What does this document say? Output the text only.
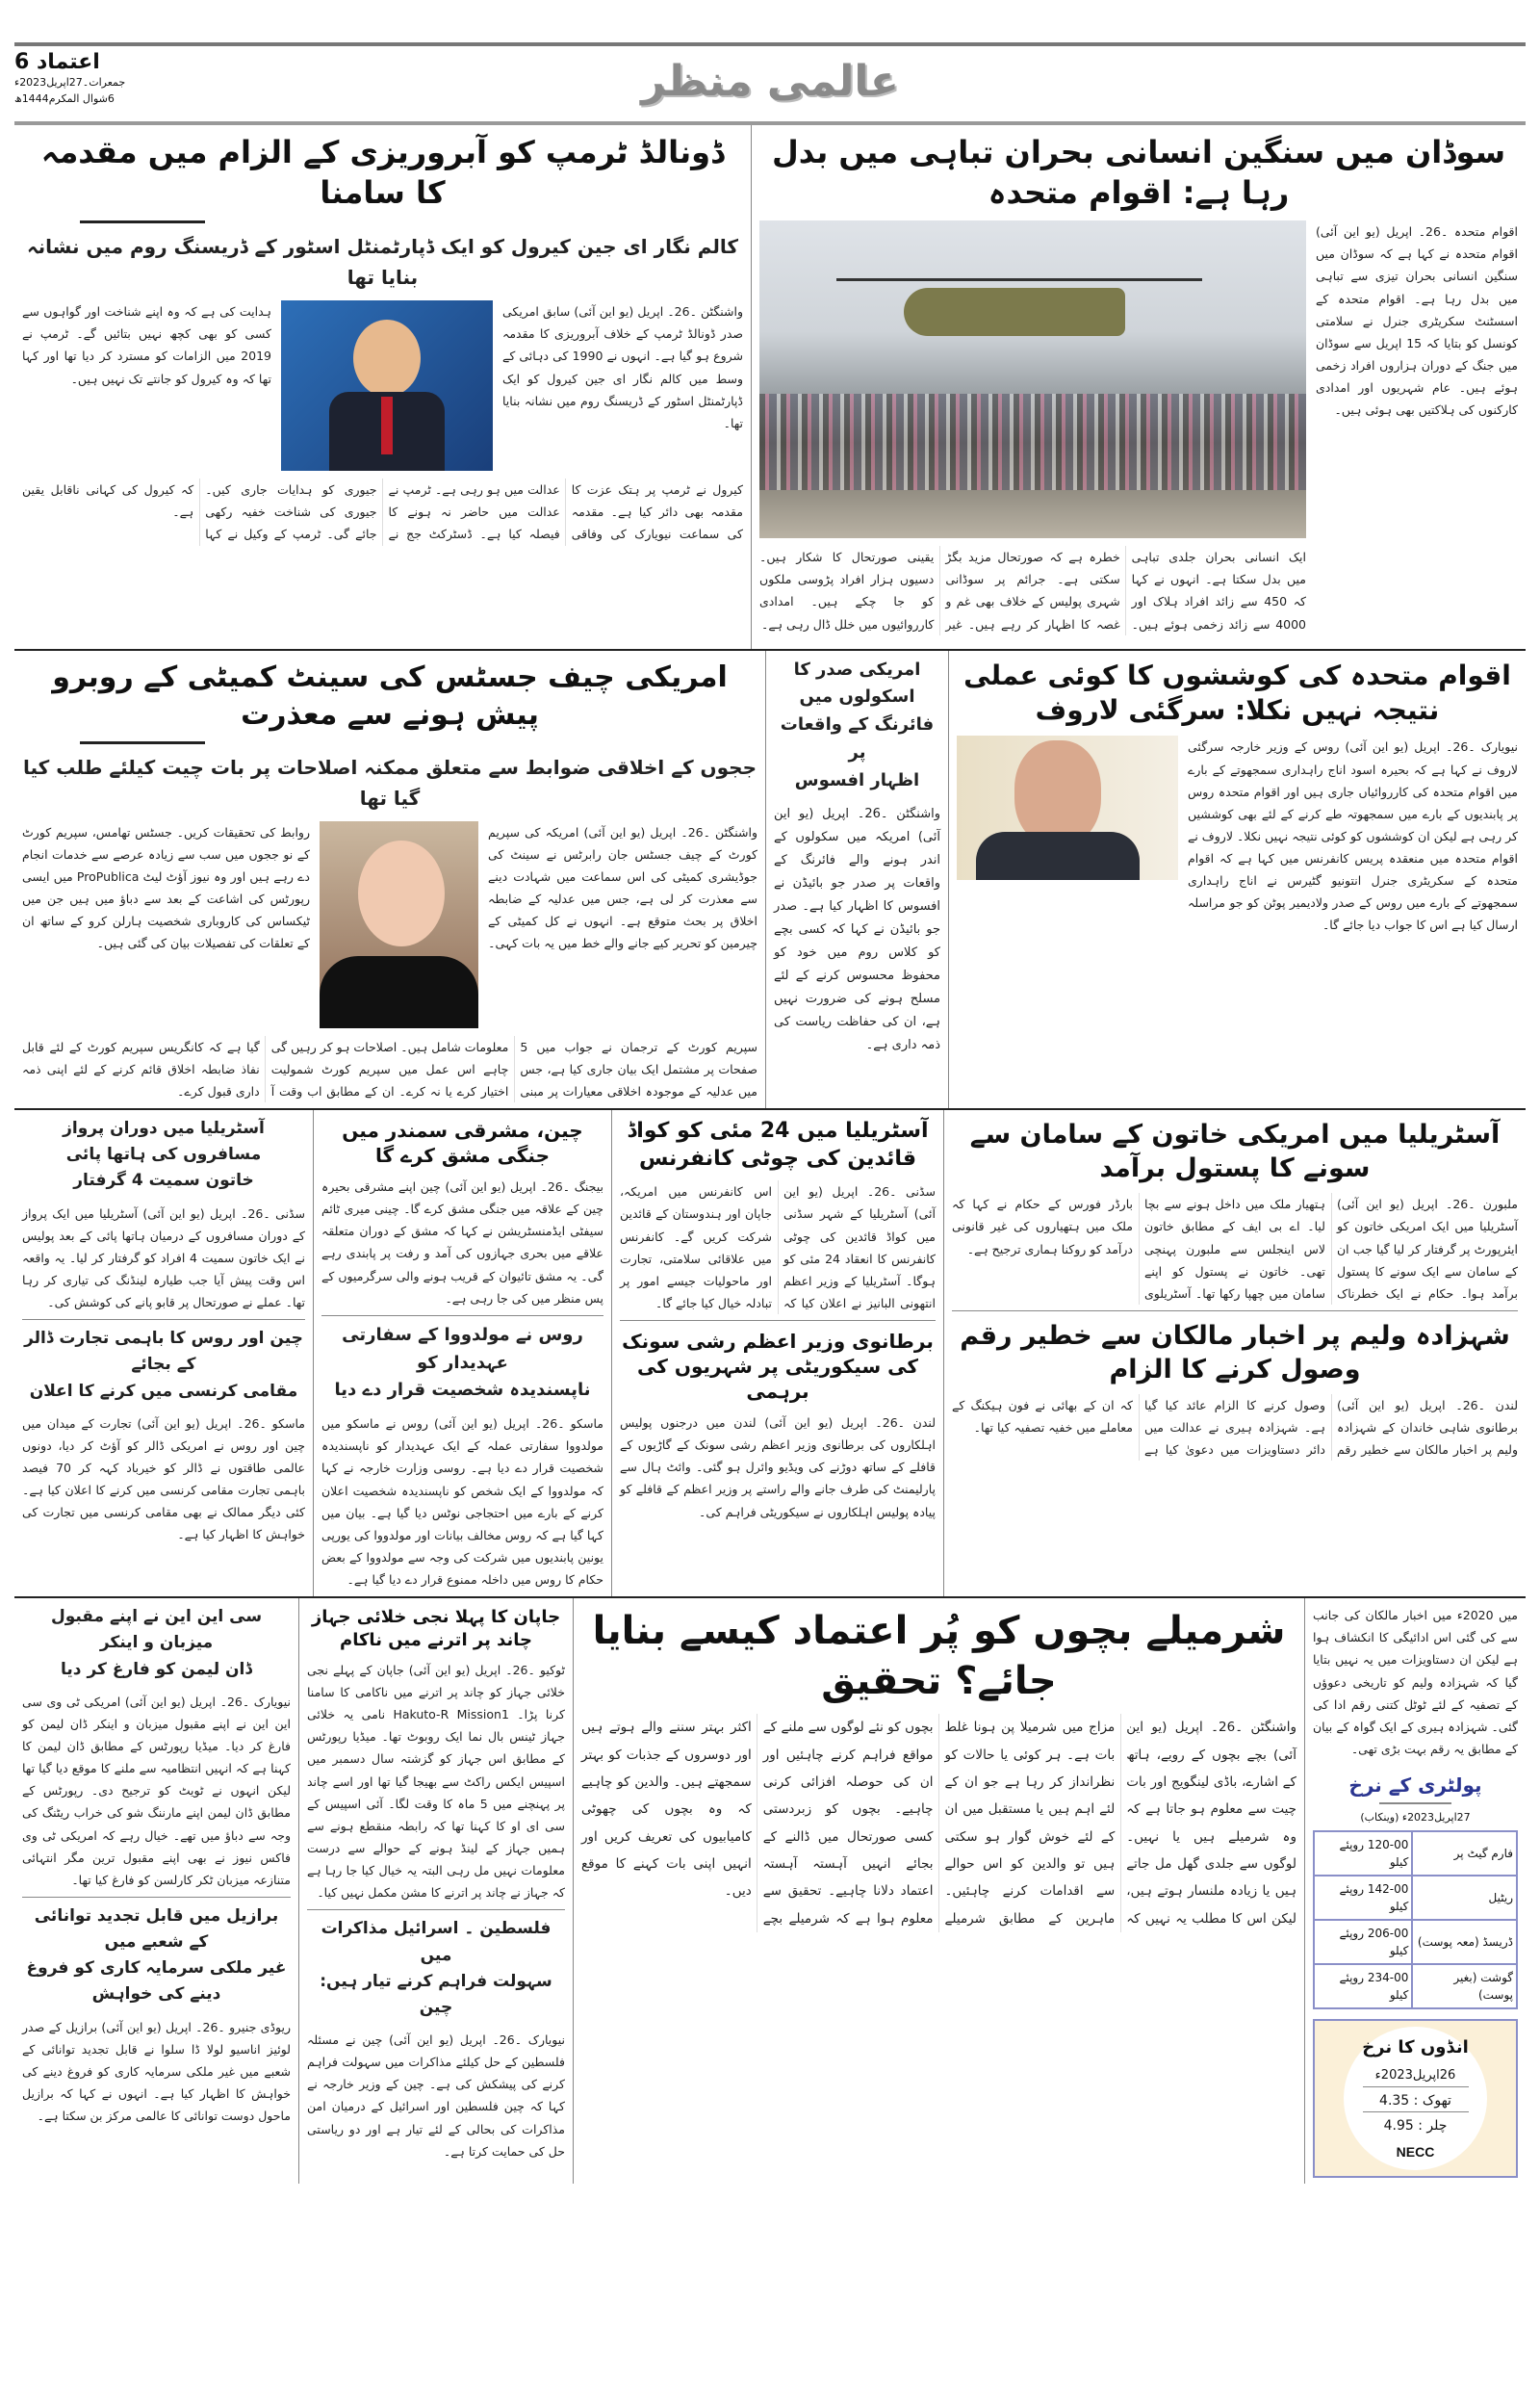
اعتماد 6
جمعرات۔27اپریل2023ء
6شوال المکرم1444ھ	عالمی منظر
سوڈان میں سنگین انسانی بحران تباہی میں بدل رہا ہے: اقوام متحدہ
اقوام متحدہ ۔26۔ اپریل (یو این آئی) اقوام متحدہ نے کہا ہے کہ سوڈان میں سنگین انسانی بحران تیزی سے تباہی میں بدل رہا ہے۔ اقوام متحدہ کے اسسٹنٹ سکریٹری جنرل نے سلامتی کونسل کو بتایا کہ 15 اپریل سے سوڈان میں جنگ کے دوران ہزاروں افراد زخمی ہوئے ہیں۔ عام شہریوں اور امدادی کارکنوں کی ہلاکتیں بھی ہوئی ہیں۔
ایک انسانی بحران جلدی تباہی میں بدل سکتا ہے۔ انہوں نے کہا کہ 450 سے زائد افراد ہلاک اور 4000 سے زائد زخمی ہوئے ہیں۔ خطرہ ہے کہ صورتحال مزید بگڑ سکتی ہے۔ جرائم پر سوڈانی شہری پولیس کے خلاف بھی غم و غصہ کا اظہار کر رہے ہیں۔ غیر یقینی صورتحال کا شکار ہیں۔ دسیوں ہزار افراد پڑوسی ملکوں کو جا چکے ہیں۔ امدادی کارروائیوں میں خلل ڈال رہی ہے۔
ڈونالڈ ٹرمپ کو آبروریزی کے الزام میں مقدمہ کا سامنا
کالم نگار ای جین کیرول کو ایک ڈپارٹمنٹل اسٹور کے ڈریسنگ روم میں نشانہ بنایا تھا
واشنگٹن ۔26۔ اپریل (یو این آئی) سابق امریکی صدر ڈونالڈ ٹرمپ کے خلاف آبروریزی کا مقدمہ شروع ہو گیا ہے۔ انہوں نے 1990 کی دہائی کے وسط میں کالم نگار ای جین کیرول کو ایک ڈپارٹمنٹل اسٹور کے ڈریسنگ روم میں نشانہ بنایا تھا۔
ہدایت کی ہے کہ وہ اپنے شناخت اور گواہوں سے کسی کو بھی کچھ نہیں بتائیں گے۔ ٹرمپ نے 2019 میں الزامات کو مسترد کر دیا تھا اور کہا تھا کہ وہ کیرول کو جانتے تک نہیں ہیں۔
کیرول نے ٹرمپ پر ہتک عزت کا مقدمہ بھی دائر کیا ہے۔ مقدمہ کی سماعت نیویارک کی وفاقی عدالت میں ہو رہی ہے۔ ٹرمپ نے عدالت میں حاضر نہ ہونے کا فیصلہ کیا ہے۔ ڈسٹرکٹ جج نے جیوری کو ہدایات جاری کیں۔ جیوری کی شناخت خفیہ رکھی جائے گی۔ ٹرمپ کے وکیل نے کہا کہ کیرول کی کہانی ناقابل یقین ہے۔
اقوام متحدہ کی کوششوں کا کوئی عملی نتیجہ نہیں نکلا: سرگئی لاروف
نیویارک ۔26۔ اپریل (یو این آئی) روس کے وزیر خارجہ سرگئی لاروف نے کہا ہے کہ بحیرہ اسود اناج راہداری سمجھوتے کے بارے میں اقوام متحدہ کی کارروائیاں جاری ہیں اور اقوام متحدہ روس پر پابندیوں کے بارے میں سمجھوتہ طے کرنے کے لئے بھی کوششیں کر رہی ہے لیکن ان کوششوں کو کوئی نتیجہ نہیں نکلا۔ لاروف نے اقوام متحدہ میں منعقدہ پریس کانفرنس میں کہا ہے کہ اقوام متحدہ کے سکریٹری جنرل انتونیو گٹیرس نے اناج راہداری سمجھوتے کے بارے میں روس کے صدر ولادیمیر پوٹن کو جو مراسلہ ارسال کیا ہے اس کا جواب دیا جائے گا۔
امریکی صدر کا اسکولوں میں
فائرنگ کے واقعات پر
اظہار افسوس
واشنگٹن ۔26۔ اپریل (یو این آئی) امریکہ میں سکولوں کے اندر ہونے والے فائرنگ کے واقعات پر صدر جو بائیڈن نے افسوس کا اظہار کیا ہے۔ صدر جو بائیڈن نے کہا کہ کسی بچے کو کلاس روم میں خود کو محفوظ محسوس کرنے کے لئے مسلح ہونے کی ضرورت نہیں ہے، ان کی حفاظت ریاست کی ذمہ داری ہے۔
امریکی چیف جسٹس کی سینٹ کمیٹی کے روبرو پیش ہونے سے معذرت
ججوں کے اخلاقی ضوابط سے متعلق ممکنہ اصلاحات پر بات چیت کیلئے طلب کیا گیا تھا
واشنگٹن ۔26۔ اپریل (یو این آئی) امریکہ کی سپریم کورٹ کے چیف جسٹس جان رابرٹس نے سینٹ کی جوڈیشری کمیٹی کی اس سماعت میں شہادت دینے سے معذرت کر لی ہے، جس میں عدلیہ کے ضابطہ اخلاق پر بحث متوقع ہے۔ انہوں نے کل کمیٹی کے چیرمین کو تحریر کیے جانے والے خط میں یہ بات کہی۔
روابط کی تحقیقات کریں۔ جسٹس تھامس، سپریم کورٹ کے نو ججوں میں سب سے زیادہ عرصے سے خدمات انجام دے رہے ہیں اور وہ نیوز آؤٹ لیٹ ProPublica میں ایسی رپورٹس کی اشاعت کے بعد سے دباؤ میں ہیں جن میں ٹیکساس کی کاروباری شخصیت ہارلن کرو کے ساتھ ان کے تعلقات کی تفصیلات بیان کی گئی ہیں۔
سپریم کورٹ کے ترجمان نے جواب میں 5 صفحات پر مشتمل ایک بیان جاری کیا ہے، جس میں عدلیہ کے موجودہ اخلاقی معیارات پر مبنی معلومات شامل ہیں۔ اصلاحات ہو کر رہیں گی چاہے اس عمل میں سپریم کورٹ شمولیت اختیار کرے یا نہ کرے۔ ان کے مطابق اب وقت آ گیا ہے کہ کانگریس سپریم کورٹ کے لئے قابل نفاذ ضابطہ اخلاق قائم کرنے کے لئے اپنی ذمہ داری قبول کرے۔
آسٹریلیا میں امریکی خاتون کے سامان سے سونے کا پستول برآمد
ملبورن ۔26۔ اپریل (یو این آئی) آسٹریلیا میں ایک امریکی خاتون کو ایئرپورٹ پر گرفتار کر لیا گیا جب ان کے سامان سے ایک سونے کا پستول برآمد ہوا۔ حکام نے ایک خطرناک ہتھیار ملک میں داخل ہونے سے بچا لیا۔ اے بی ایف کے مطابق خاتون لاس اینجلس سے ملبورن پہنچی تھی۔ خاتون نے پستول کو اپنے سامان میں چھپا رکھا تھا۔ آسٹریلوی بارڈر فورس کے حکام نے کہا کہ ملک میں ہتھیاروں کی غیر قانونی درآمد کو روکنا ہماری ترجیح ہے۔
شہزادہ ولیم پر اخبار مالکان سے خطیر رقم وصول کرنے کا الزام
لندن ۔26۔ اپریل (یو این آئی) برطانوی شاہی خاندان کے شہزادہ ولیم پر اخبار مالکان سے خطیر رقم وصول کرنے کا الزام عائد کیا گیا ہے۔ شہزادہ ہیری نے عدالت میں دائر دستاویزات میں دعویٰ کیا ہے کہ ان کے بھائی نے فون ہیکنگ کے معاملے میں خفیہ تصفیہ کیا تھا۔
آسٹریلیا میں 24 مئی کو کواڈ قائدین کی چوٹی کانفرنس
سڈنی ۔26۔ اپریل (یو این آئی) آسٹریلیا کے شہر سڈنی میں کواڈ قائدین کی چوٹی کانفرنس کا انعقاد 24 مئی کو ہوگا۔ آسٹریلیا کے وزیر اعظم انتھونی البانیز نے اعلان کیا کہ اس کانفرنس میں امریکہ، جاپان اور ہندوستان کے قائدین شرکت کریں گے۔ کانفرنس میں علاقائی سلامتی، تجارت اور ماحولیات جیسے امور پر تبادلہ خیال کیا جائے گا۔
برطانوی وزیر اعظم رشی سونک کی سیکوریٹی پر شہریوں کی برہمی
لندن ۔26۔ اپریل (یو این آئی) لندن میں درجنوں پولیس اہلکاروں کی برطانوی وزیر اعظم رشی سونک کے گاڑیوں کے قافلے کے ساتھ دوڑنے کی ویڈیو وائرل ہو گئی۔ وائٹ ہال سے پارلیمنٹ کی طرف جانے والے راستے پر وزیر اعظم کے قافلے کو پیادہ پولیس اہلکاروں نے سیکوریٹی فراہم کی۔
چین، مشرقی سمندر میں جنگی مشق کرے گا
بیجنگ ۔26۔ اپریل (یو این آئی) چین اپنے مشرقی بحیرہ چین کے علاقہ میں جنگی مشق کرے گا۔ چینی میری ٹائم سیفٹی ایڈمنسٹریشن نے کہا کہ مشق کے دوران متعلقہ علاقے میں بحری جہازوں کی آمد و رفت پر پابندی رہے گی۔ یہ مشق تائیوان کے قریب ہونے والی سرگرمیوں کے پس منظر میں کی جا رہی ہے۔
روس نے مولدووا کے سفارتی عہدیدار کو
ناپسندیدہ شخصیت قرار دے دیا
ماسکو ۔26۔ اپریل (یو این آئی) روس نے ماسکو میں مولدووا سفارتی عملہ کے ایک عہدیدار کو ناپسندیدہ شخصیت قرار دے دیا ہے۔ روسی وزارت خارجہ نے کہا کہ مولدووا کے ایک شخص کو ناپسندیدہ شخصیت اعلان کرنے کے بارے میں احتجاجی نوٹس دیا گیا ہے۔ بیان میں کہا گیا ہے کہ روس مخالف بیانات اور مولدووا کی یورپی یونین پابندیوں میں شرکت کی وجہ سے مولدووا کے بعض حکام کا روس میں داخلہ ممنوع قرار دے دیا گیا ہے۔
آسٹریلیا میں دوران پرواز مسافروں کی ہاتھا پائی
خاتون سمیت 4 گرفتار
سڈنی ۔26۔ اپریل (یو این آئی) آسٹریلیا میں ایک پرواز کے دوران مسافروں کے درمیان ہاتھا پائی کے بعد پولیس نے ایک خاتون سمیت 4 افراد کو گرفتار کر لیا۔ یہ واقعہ اس وقت پیش آیا جب طیارہ لینڈنگ کی تیاری کر رہا تھا۔ عملے نے صورتحال پر قابو پانے کی کوشش کی۔
چین اور روس کا باہمی تجارت ڈالر کے بجائے
مقامی کرنسی میں کرنے کا اعلان
ماسکو ۔26۔ اپریل (یو این آئی) تجارت کے میدان میں چین اور روس نے امریکی ڈالر کو آؤٹ کر دیا، دونوں عالمی طاقتوں نے ڈالر کو خیرباد کہہ کر 70 فیصد باہمی تجارت مقامی کرنسی میں کرنے کا اعلان کیا ہے۔ کئی دیگر ممالک نے بھی مقامی کرنسی میں تجارت کی خواہش کا اظہار کیا ہے۔
میں 2020ء میں اخبار مالکان کی جانب سے کی گئی اس ادائیگی کا انکشاف ہوا ہے لیکن ان دستاویزات میں یہ نہیں بتایا گیا کہ شہزادہ ولیم کو تاریخی دعوؤں کے تصفیہ کے لئے ٹوٹل کتنی رقم ادا کی گئی۔ شہزادہ ہیری کے ایک گواہ کے بیان کے مطابق یہ رقم بہت بڑی تھی۔
پولٹری کے نرخ
27اپریل2023ء (وینکاب)
فارم گیٹ پر	120-00 روپئے کیلو
ریٹیل	142-00 روپئے کیلو
ڈریسڈ (معہ پوست)	206-00 روپئے کیلو
گوشت (بغیر پوست)	234-00 روپئے کیلو
انڈوں کا نرخ
26اپریل2023ء
تھوک : 4.35
چلر : 4.95
NECC
شرمیلے بچوں کو پُر اعتماد کیسے بنایا جائے؟ تحقیق
واشنگٹن ۔26۔ اپریل (یو این آئی) بچے بچوں کے رویے، ہاتھ کے اشارے، باڈی لینگویج اور بات چیت سے معلوم ہو جاتا ہے کہ وہ شرمیلے ہیں یا نہیں۔ لوگوں سے جلدی گھل مل جاتے ہیں یا زیادہ ملنسار ہوتے ہیں، لیکن اس کا مطلب یہ نہیں کہ مزاج میں شرمیلا پن ہونا غلط بات ہے۔ ہر کوئی یا حالات کو نظرانداز کر رہا ہے جو ان کے لئے اہم ہیں یا مستقبل میں ان کے لئے خوش گوار ہو سکتی ہیں تو والدین کو اس حوالے سے اقدامات کرنے چاہئیں۔ ماہرین کے مطابق شرمیلے بچوں کو نئے لوگوں سے ملنے کے مواقع فراہم کرنے چاہئیں اور ان کی حوصلہ افزائی کرنی چاہیے۔ بچوں کو زبردستی کسی صورتحال میں ڈالنے کے بجائے انہیں آہستہ آہستہ اعتماد دلانا چاہیے۔ تحقیق سے معلوم ہوا ہے کہ شرمیلے بچے اکثر بہتر سننے والے ہوتے ہیں اور دوسروں کے جذبات کو بہتر سمجھتے ہیں۔ والدین کو چاہیے کہ وہ بچوں کی چھوٹی کامیابیوں کی تعریف کریں اور انہیں اپنی بات کہنے کا موقع دیں۔
جاپان کا پہلا نجی خلائی جہاز چاند پر اترنے میں ناکام
ٹوکیو ۔26۔ اپریل (یو این آئی) جاپان کے پہلے نجی خلائی جہاز کو چاند پر اترنے میں ناکامی کا سامنا کرنا پڑا۔ Hakuto-R Mission1 نامی یہ خلائی جہاز ٹینس بال نما ایک روبوٹ تھا۔ میڈیا رپورٹس کے مطابق اس جہاز کو گزشتہ سال دسمبر میں اسپیس ایکس راکٹ سے بھیجا گیا تھا اور اسے چاند پر پہنچنے میں 5 ماہ کا وقت لگا۔ آئی اسپیس کے سی ای او کا کہنا تھا کہ رابطہ منقطع ہونے سے ہمیں جہاز کے لینڈ ہونے کے حوالے سے درست معلومات نہیں مل رہی البتہ یہ خیال کیا جا رہا ہے کہ جہاز نے چاند پر اترنے کا مشن مکمل نہیں کیا۔
فلسطین ۔ اسرائیل مذاکرات میں
سہولت فراہم کرنے تیار ہیں: چین
نیویارک ۔26۔ اپریل (یو این آئی) چین نے مسئلہ فلسطین کے حل کیلئے مذاکرات میں سہولت فراہم کرنے کی پیشکش کی ہے۔ چین کے وزیر خارجہ نے کہا کہ چین فلسطین اور اسرائیل کے درمیان امن مذاکرات کی بحالی کے لئے تیار ہے اور دو ریاستی حل کی حمایت کرتا ہے۔
سی این این نے اپنے مقبول میزبان و اینکر
ڈان لیمن کو فارغ کر دیا
نیویارک ۔26۔ اپریل (یو این آئی) امریکی ٹی وی سی این این نے اپنے مقبول میزبان و اینکر ڈان لیمن کو فارغ کر دیا۔ میڈیا رپورٹس کے مطابق ڈان لیمن کا کہنا ہے کہ انہیں انتظامیہ سے ملنے کا موقع دیا گیا تھا لیکن انہوں نے ٹویٹ کو ترجیح دی۔ رپورٹس کے مطابق ڈان لیمن اپنے مارننگ شو کی خراب ریٹنگ کی وجہ سے دباؤ میں تھے۔ خیال رہے کہ امریکی ٹی وی فاکس نیوز نے بھی اپنے مقبول ترین مگر انتہائی متنازعہ میزبان ٹکر کارلسن کو فارغ کیا تھا۔
برازیل میں قابل تجدید توانائی کے شعبے میں
غیر ملکی سرمایہ کاری کو فروغ دینے کی خواہش
ریوڈی جنیرو ۔26۔ اپریل (یو این آئی) برازیل کے صدر لوئیز اناسیو لولا ڈا سلوا نے قابل تجدید توانائی کے شعبے میں غیر ملکی سرمایہ کاری کو فروغ دینے کی خواہش کا اظہار کیا ہے۔ انہوں نے کہا کہ برازیل ماحول دوست توانائی کا عالمی مرکز بن سکتا ہے۔
